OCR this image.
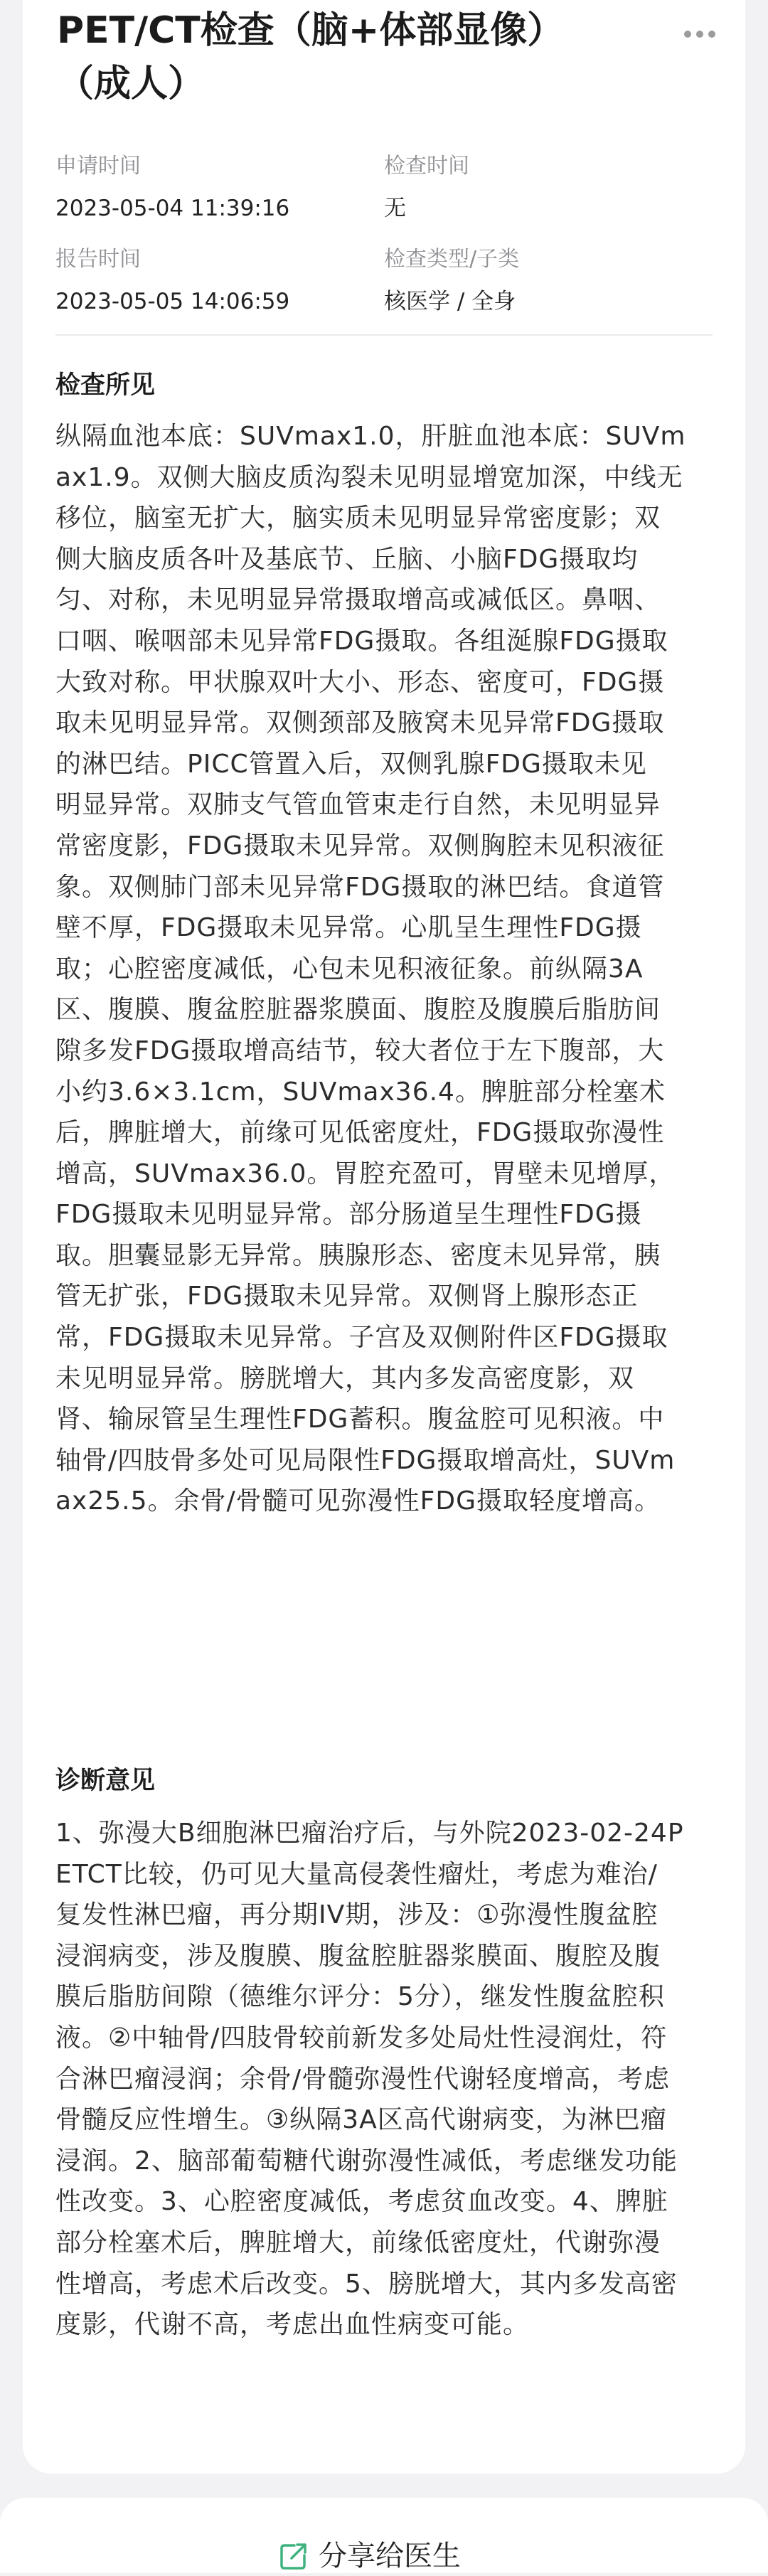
PET/CT检查（脑+体部显像）
（成人）
申请时间
2023-05-04 11:39:16
检查时间
无
报告时间
2023-05-05 14:06:59
检查类型/子类
核医学 / 全身
检查所见
纵隔血池本底：SUVmax1.0，肝脏血池本底：SUVm
ax1.9。双侧大脑皮质沟裂未见明显增宽加深，中线无
移位，脑室无扩大，脑实质未见明显异常密度影；双
侧大脑皮质各叶及基底节、丘脑、小脑FDG摄取均
匀、对称，未见明显异常摄取增高或减低区。鼻咽、
口咽、喉咽部未见异常FDG摄取。各组涎腺FDG摄取
大致对称。甲状腺双叶大小、形态、密度可，FDG摄
取未见明显异常。双侧颈部及腋窝未见异常FDG摄取
的淋巴结。PICC管置入后，双侧乳腺FDG摄取未见
明显异常。双肺支气管血管束走行自然，未见明显异
常密度影，FDG摄取未见异常。双侧胸腔未见积液征
象。双侧肺门部未见异常FDG摄取的淋巴结。食道管
壁不厚，FDG摄取未见异常。心肌呈生理性FDG摄
取；心腔密度减低，心包未见积液征象。前纵隔3A
区、腹膜、腹盆腔脏器浆膜面、腹腔及腹膜后脂肪间
隙多发FDG摄取增高结节，较大者位于左下腹部，大
小约3.6×3.1cm，SUVmax36.4。脾脏部分栓塞术
后，脾脏增大，前缘可见低密度灶，FDG摄取弥漫性
增高，SUVmax36.0。胃腔充盈可，胃壁未见增厚，
FDG摄取未见明显异常。部分肠道呈生理性FDG摄
取。胆囊显影无异常。胰腺形态、密度未见异常，胰
管无扩张，FDG摄取未见异常。双侧肾上腺形态正
常，FDG摄取未见异常。子宫及双侧附件区FDG摄取
未见明显异常。膀胱增大，其内多发高密度影，双
肾、输尿管呈生理性FDG蓄积。腹盆腔可见积液。中
轴骨/四肢骨多处可见局限性FDG摄取增高灶，SUVm
ax25.5。余骨/骨髓可见弥漫性FDG摄取轻度增高。
诊断意见
1、弥漫大B细胞淋巴瘤治疗后，与外院2023-02-24P
ETCT比较，仍可见大量高侵袭性瘤灶，考虑为难治/
复发性淋巴瘤，再分期IV期，涉及：①弥漫性腹盆腔
浸润病变，涉及腹膜、腹盆腔脏器浆膜面、腹腔及腹
膜后脂肪间隙（德维尔评分：5分），继发性腹盆腔积
液。②中轴骨/四肢骨较前新发多处局灶性浸润灶，符
合淋巴瘤浸润；余骨/骨髓弥漫性代谢轻度增高，考虑
骨髓反应性增生。③纵隔3A区高代谢病变，为淋巴瘤
浸润。2、脑部葡萄糖代谢弥漫性减低，考虑继发功能
性改变。3、心腔密度减低，考虑贫血改变。4、脾脏
部分栓塞术后，脾脏增大，前缘低密度灶，代谢弥漫
性增高，考虑术后改变。5、膀胱增大，其内多发高密
度影，代谢不高，考虑出血性病变可能。
分享给医生
